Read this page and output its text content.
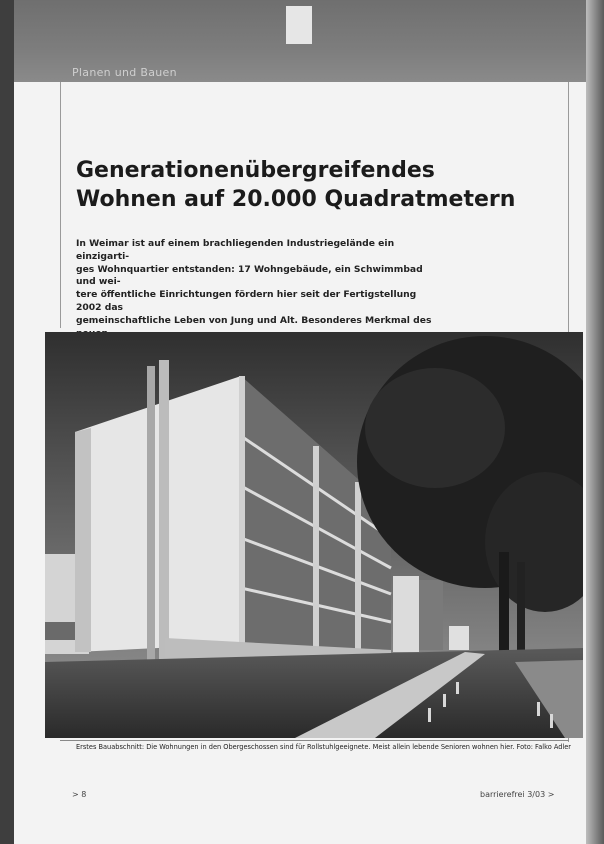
Planen und Bauen
Generationenübergreifendes
Wohnen auf 20.000 Quadratmetern
In Weimar ist auf einem brachliegenden Industriegelände ein einzigarti-
ges Wohnquartier entstanden: 17 Wohngebäude, ein Schwimmbad und wei-
tere öffentliche Einrichtungen fördern hier seit der Fertigstellung 2002 das
gemeinschaftliche Leben von Jung und Alt. Besonderes Merkmal des
Erstes Bauabschnitt: Die Wohnungen in den Obergeschossen sind für Rollstuhlgeeignete. Meist allein lebende Senioren wohnen hier. Foto: Falko Adler
> 8	barrierefrei 3/03 >
